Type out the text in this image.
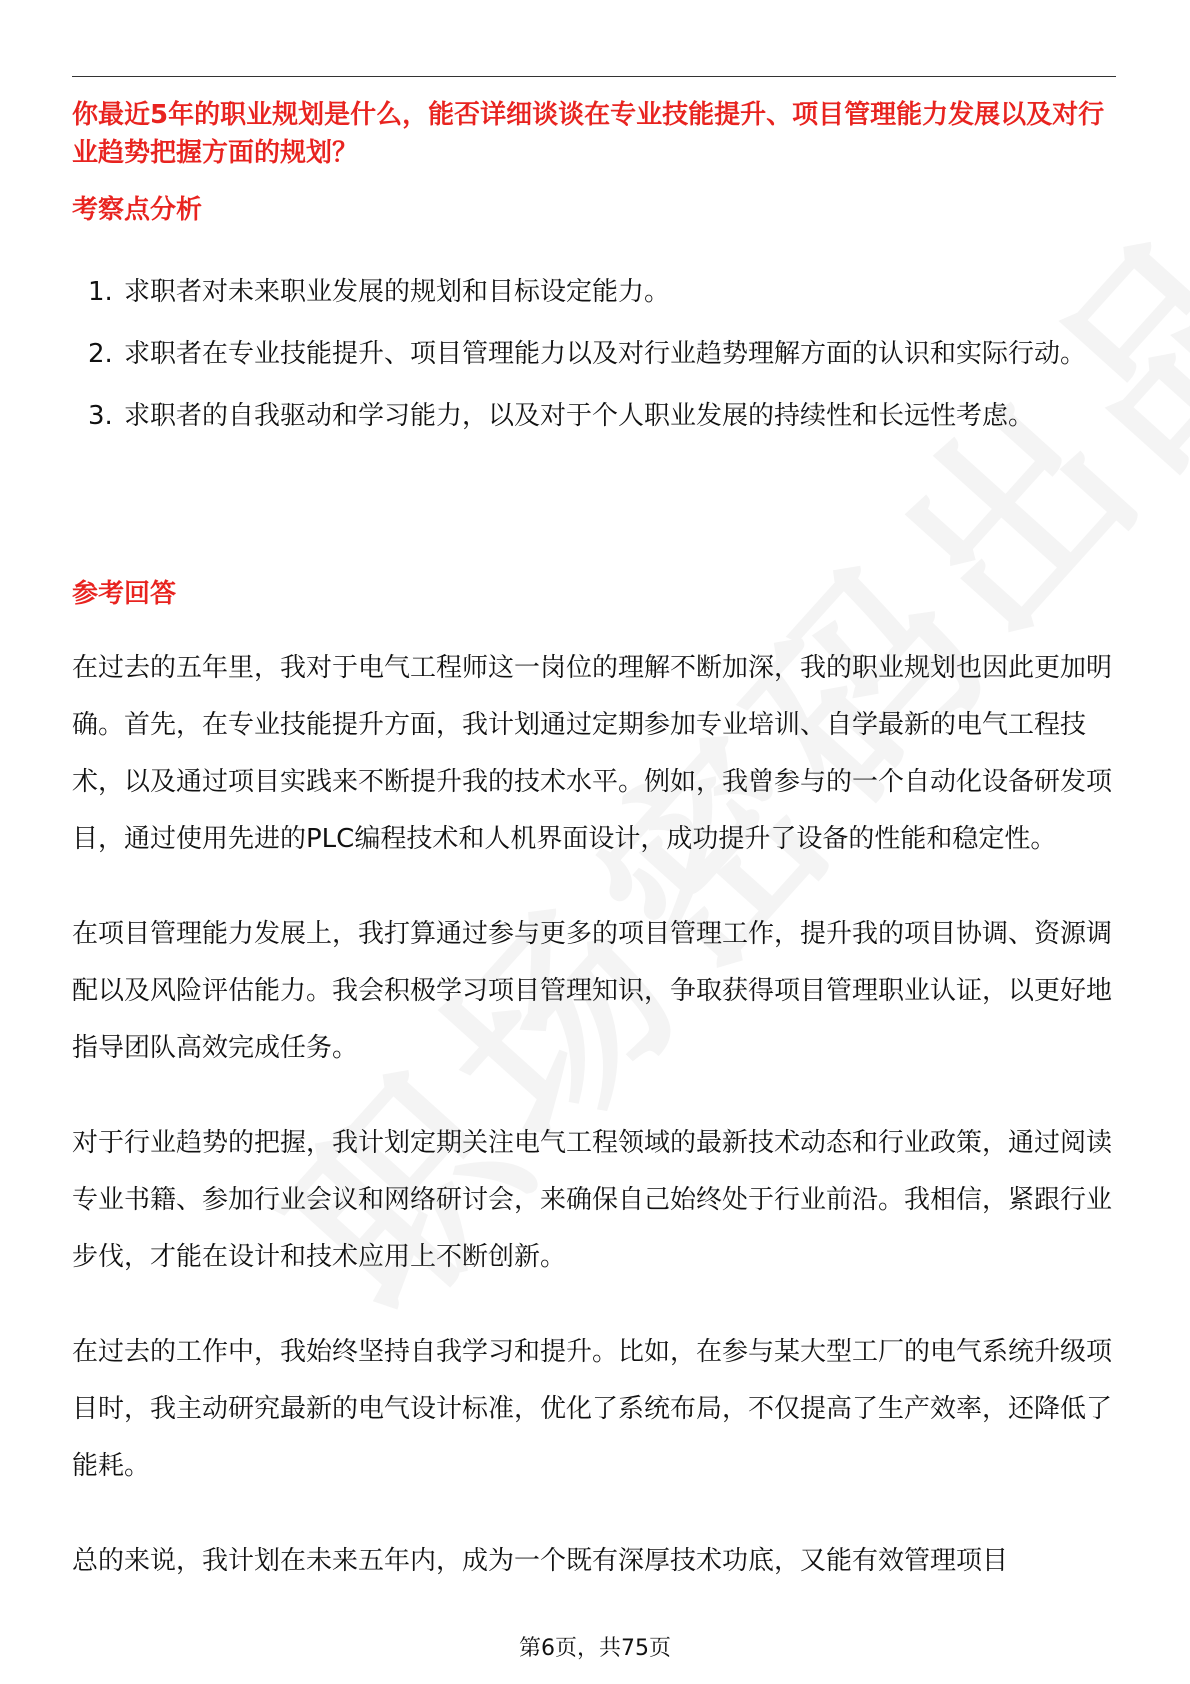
你最近5年的职业规划是什么，能否详细谈谈在专业技能提升、项目管理能力发展以及对行业趋势把握方面的规划？
考察点分析
1. 求职者对未来职业发展的规划和目标设定能力。
2. 求职者在专业技能提升、项目管理能力以及对行业趋势理解方面的认识和实际行动。
3. 求职者的自我驱动和学习能力，以及对于个人职业发展的持续性和长远性考虑。
参考回答

在过去的五年里，我对于电气工程师这一岗位的理解不断加深，我的职业规划也因此更加明确。首先，在专业技能提升方面，我计划通过定期参加专业培训、自学最新的电气工程技术，以及通过项目实践来不断提升我的技术水平。例如，我曾参与的一个自动化设备研发项目，通过使用先进的PLC编程技术和人机界面设计，成功提升了设备的性能和稳定性。

在项目管理能力发展上，我打算通过参与更多的项目管理工作，提升我的项目协调、资源调配以及风险评估能力。我会积极学习项目管理知识，争取获得项目管理职业认证，以更好地指导团队高效完成任务。

对于行业趋势的把握，我计划定期关注电气工程领域的最新技术动态和行业政策，通过阅读专业书籍、参加行业会议和网络研讨会，来确保自己始终处于行业前沿。我相信，紧跟行业步伐，才能在设计和技术应用上不断创新。

在过去的工作中，我始终坚持自我学习和提升。比如，在参与某大型工厂的电气系统升级项目时，我主动研究最新的电气设计标准，优化了系统布局，不仅提高了生产效率，还降低了能耗。

总的来说，我计划在未来五年内，成为一个既有深厚技术功底，又能有效管理项目

第6页，共75页
